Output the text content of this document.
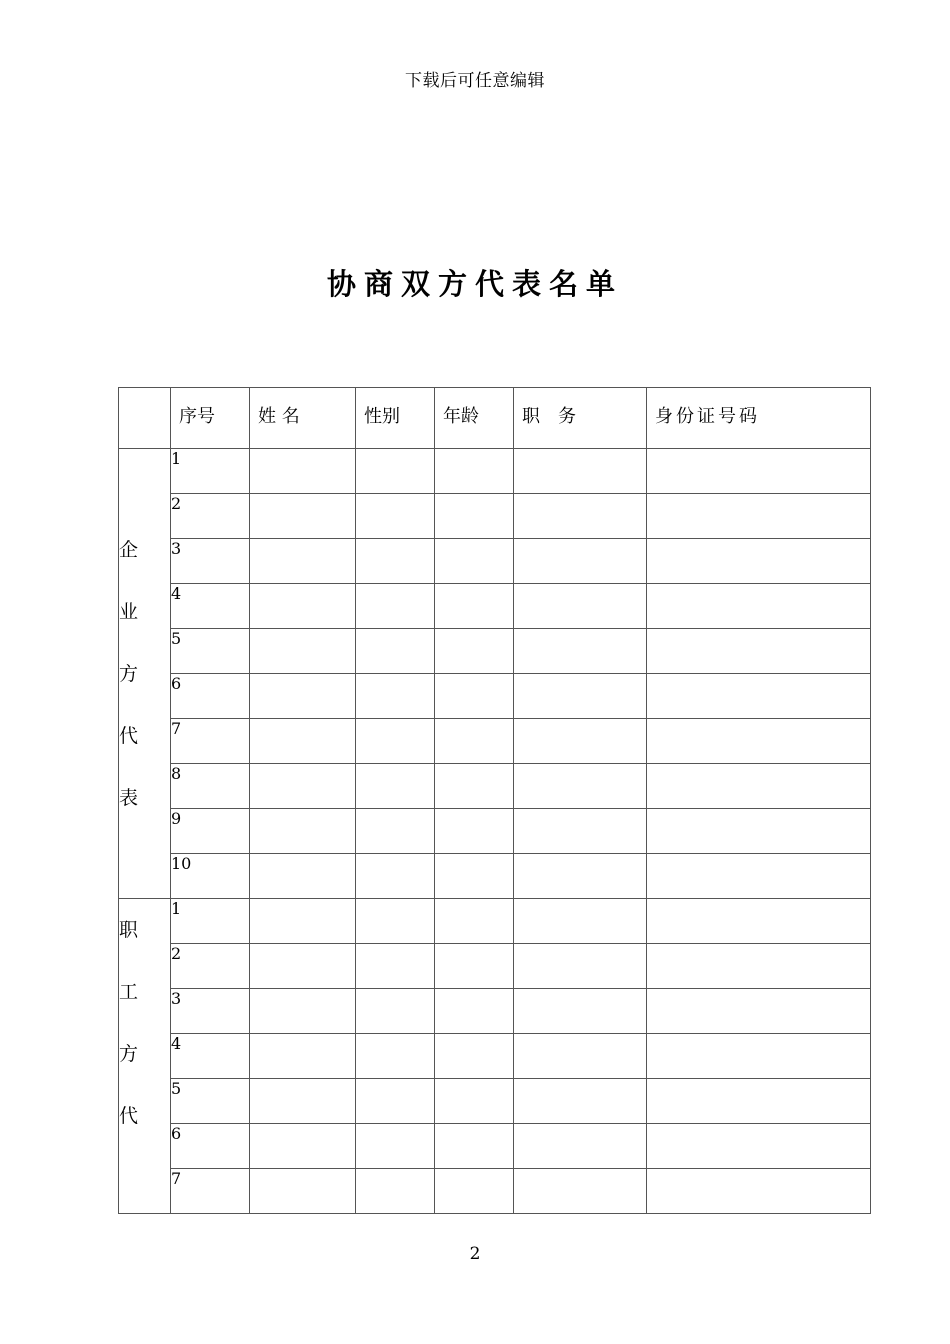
下载后可任意编辑
协商双方代表名单
	序号	姓 名	性别	年龄	职　务	身份证号码

企业方代表	1					
	2					
	3					
	4					
	5					
	6					
	7					
	8					
	9					
	10					

职工方代	1					
	2					
	3					
	4					
	5					
	6					
	7					
2
